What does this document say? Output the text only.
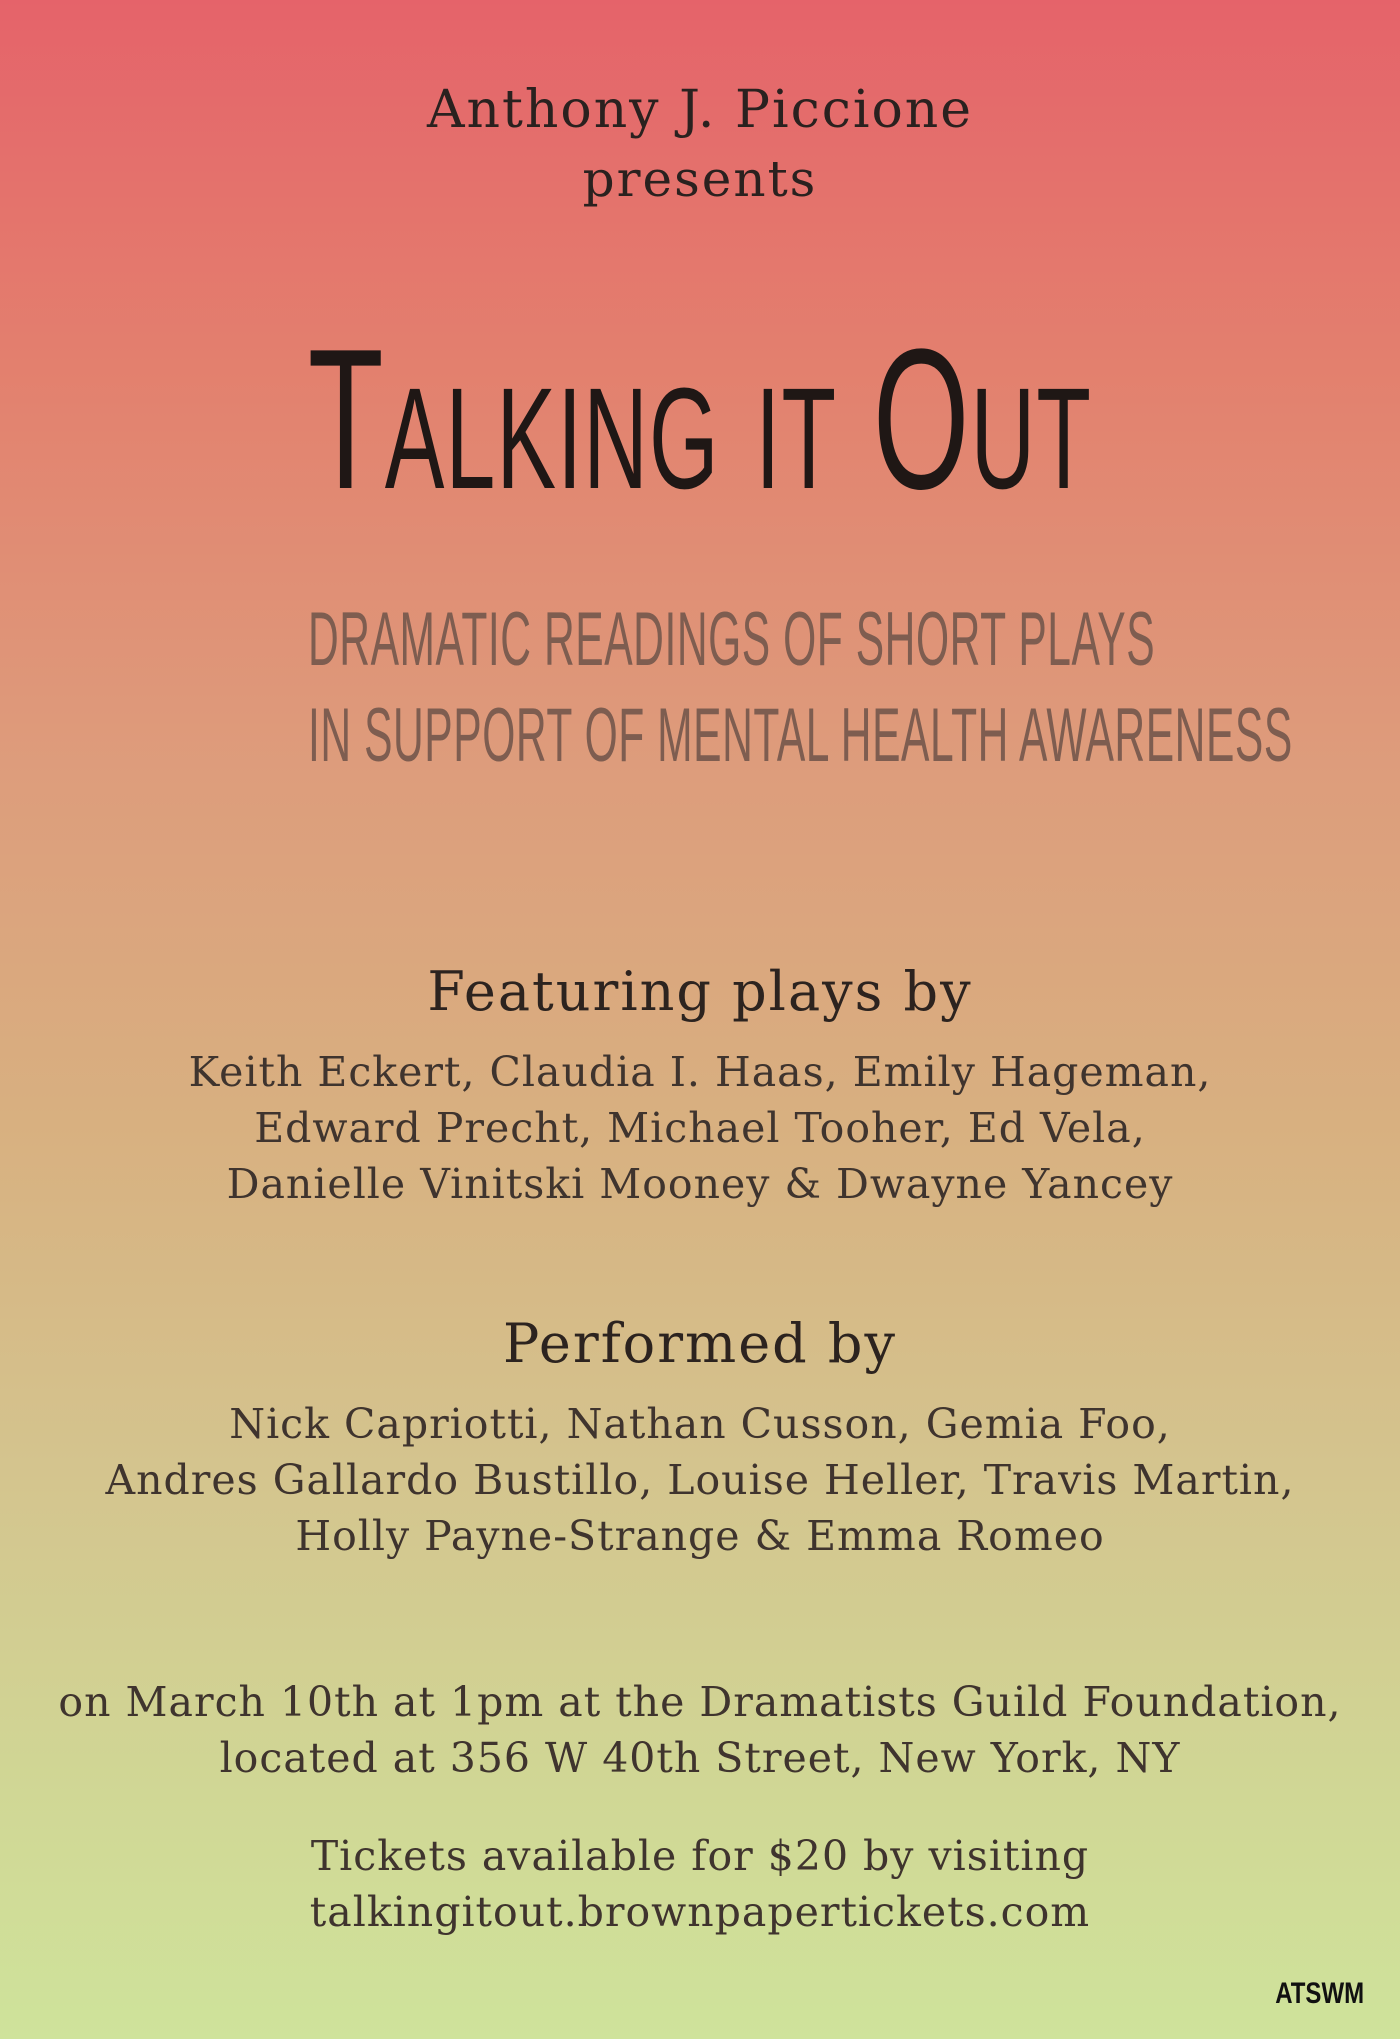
Anthony J. Piccione
presents
TALKING IT OUT
DRAMATIC READINGS OF SHORT PLAYS
IN SUPPORT OF MENTAL HEALTH AWARENESS
Featuring plays by
Keith Eckert, Claudia I. Haas, Emily Hageman,
Edward Precht, Michael Tooher, Ed Vela,
Danielle Vinitski Mooney & Dwayne Yancey
Performed by
Nick Capriotti, Nathan Cusson, Gemia Foo,
Andres Gallardo Bustillo, Louise Heller, Travis Martin,
Holly Payne-Strange & Emma Romeo
on March 10th at 1pm at the Dramatists Guild Foundation,
located at 356 W 40th Street, New York, NY
Tickets available for $20 by visiting
talkingitout.brownpapertickets.com
ATSWM
